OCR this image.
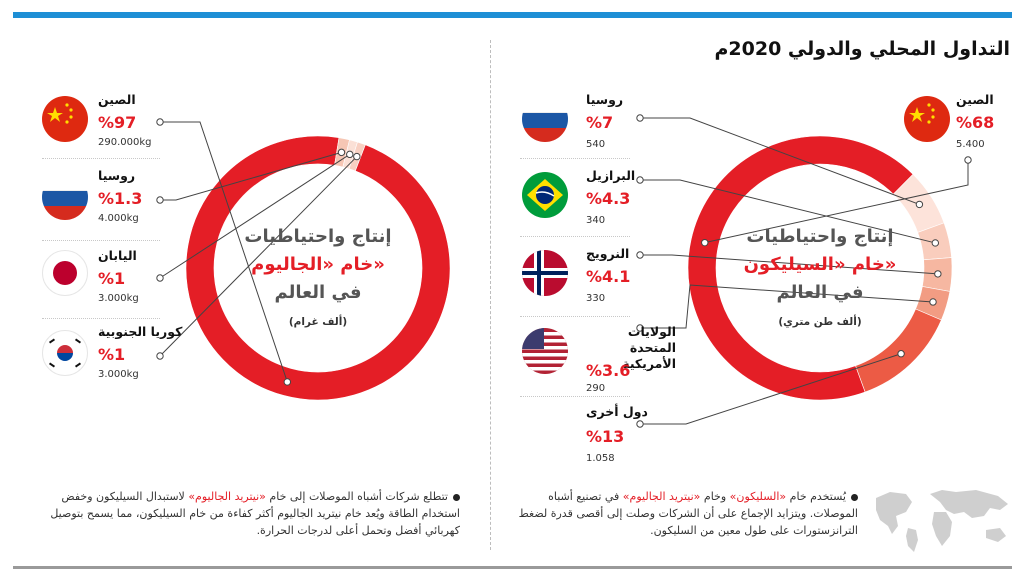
التداول المحلي والدولي 2020م
إنتاج واحتياطيات
خام «الجاليوم»
في العالم
(ألف غرام)
إنتاج واحتياطيات
خام «السيليكون»
في العالم
(ألف طن متري)
الصين
%97
290.000kg
روسيا
%1.3
4.000kg
اليابان
%1
3.000kg
كوريا الجنوبية
%1
3.000kg
الصين
%68
5.400
روسيا
%7
540
البرازيل
%4.3
340
النرويج
%4.1
330
الولايات المتحدة الأمريكية
%3.6
290
دول أخرى
%13
1.058
تتطلع شركات أشباه الموصلات إلى خام «نيتريد الجاليوم» لاستبدال السيليكون وخفض استخدام الطاقة ويُعد خام نيتريد الجاليوم أكثر كفاءة من خام السيليكون، مما يسمح بتوصيل كهربائي أفضل وتحمل أعلى لدرجات الحرارة.
يُستخدم خام «السليكون» وخام «نيتريد الجاليوم» في تصنيع أشباه الموصلات. ويتزايد الإجماع على أن الشركات وصلت إلى أقصى قدرة لضغط الترانزستورات على طول معين من السليكون.
